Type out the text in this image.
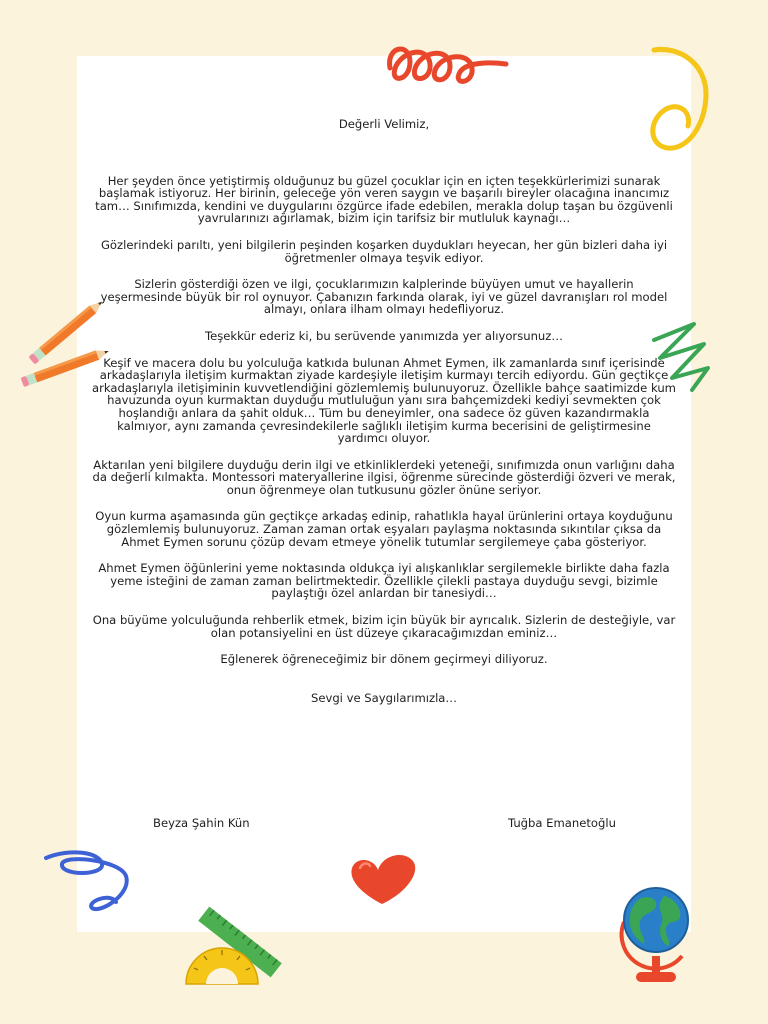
Değerli Velimiz,

Her şeyden önce yetiştirmiş olduğunuz bu güzel çocuklar için en içten teşekkürlerimizi sunarak başlamak istiyoruz. Her birinin, geleceğe yön veren saygın ve başarılı bireyler olacağına inancımız tam… Sınıfımızda, kendini ve duygularını özgürce ifade edebilen, merakla dolup taşan bu özgüvenli yavrularınızı ağırlamak, bizim için tarifsiz bir mutluluk kaynağı…

Gözlerindeki parıltı, yeni bilgilerin peşinden koşarken duydukları heyecan, her gün bizleri daha iyi öğretmenler olmaya teşvik ediyor.

Sizlerin gösterdiği özen ve ilgi, çocuklarımızın kalplerinde büyüyen umut ve hayallerin yeşermesinde büyük bir rol oynuyor. Çabanızın farkında olarak, iyi ve güzel davranışları rol model almayı, onlara ilham olmayı hedefliyoruz.

Teşekkür ederiz ki, bu serüvende yanımızda yer alıyorsunuz…

Keşif ve macera dolu bu yolculuğa katkıda bulunan Ahmet Eymen, ilk zamanlarda sınıf içerisinde arkadaşlarıyla iletişim kurmaktan ziyade kardeşiyle iletişim kurmayı tercih ediyordu. Gün geçtikçe arkadaşlarıyla iletişiminin kuvvetlendiğini gözlemlemiş bulunuyoruz. Özellikle bahçe saatimizde kum havuzunda oyun kurmaktan duyduğu mutluluğun yanı sıra bahçemizdeki kediyi sevmekten çok hoşlandığı anlara da şahit olduk… Tüm bu deneyimler, ona sadece öz güven kazandırmakla kalmıyor, aynı zamanda çevresindekilerle sağlıklı iletişim kurma becerisini de geliştirmesine yardımcı oluyor.

Aktarılan yeni bilgilere duyduğu derin ilgi ve etkinliklerdeki yeteneği, sınıfımızda onun varlığını daha da değerli kılmakta. Montessori materyallerine ilgisi, öğrenme sürecinde gösterdiği özveri ve merak, onun öğrenmeye olan tutkusunu gözler önüne seriyor.

Oyun kurma aşamasında gün geçtikçe arkadaş edinip, rahatlıkla hayal ürünlerini ortaya koyduğunu gözlemlemiş bulunuyoruz. Zaman zaman ortak eşyaları paylaşma noktasında sıkıntılar çıksa da Ahmet Eymen sorunu çözüp devam etmeye yönelik tutumlar sergilemeye çaba gösteriyor.

Ahmet Eymen öğünlerini yeme noktasında oldukça iyi alışkanlıklar sergilemekle birlikte daha fazla yeme isteğini de zaman zaman belirtmektedir. Özellikle çilekli pastaya duyduğu sevgi, bizimle paylaştığı özel anlardan bir tanesiydi…

Ona büyüme yolculuğunda rehberlik etmek, bizim için büyük bir ayrıcalık. Sizlerin de desteğiyle, var olan potansiyelini en üst düzeye çıkaracağımızdan eminiz…

Eğlenerek öğreneceğimiz bir dönem geçirmeyi diliyoruz.

Sevgi ve Saygılarımızla…

Beyza Şahin Kün	Tuğba Emanetoğlu
